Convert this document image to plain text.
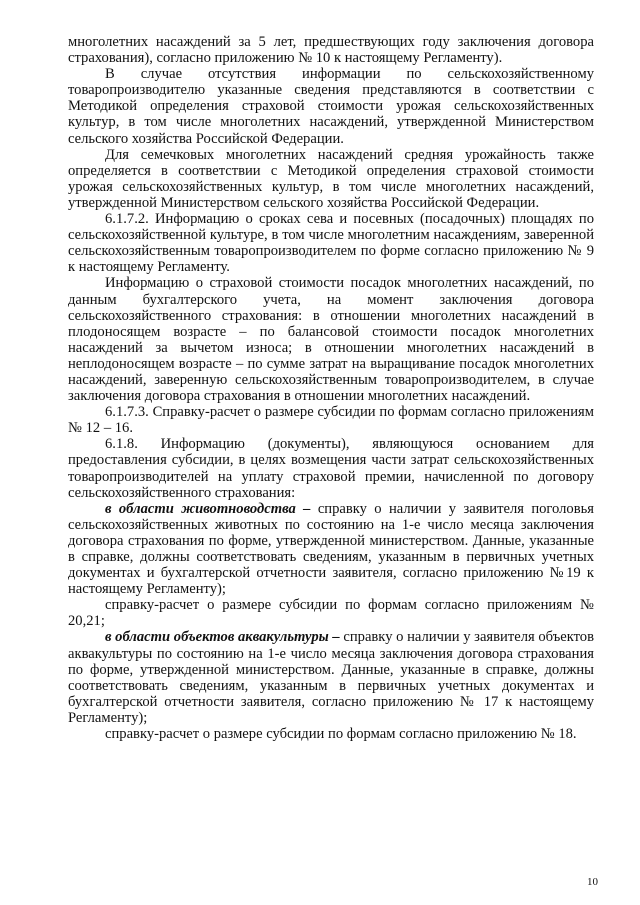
многолетних насаждений за 5 лет, предшествующих году заключения договора страхования), согласно приложению № 10 к настоящему Регламенту).

В случае отсутствия информации по сельскохозяйственному товаропроизводителю указанные сведения представляются в соответствии с Методикой определения страховой стоимости урожая сельскохозяйственных культур, в том числе многолетних насаждений, утвержденной Министерством сельского хозяйства Российской Федерации.

Для семечковых многолетних насаждений средняя урожайность также определяется в соответствии с Методикой определения страховой стоимости урожая сельскохозяйственных культур, в том числе многолетних насаждений, утвержденной Министерством сельского хозяйства Российской Федерации.

6.1.7.2. Информацию о сроках сева и посевных (посадочных) площадях по сельскохозяйственной культуре, в том числе многолетним насаждениям, заверенной сельскохозяйственным товаропроизводителем по форме согласно приложению № 9 к настоящему Регламенту.

Информацию о страховой стоимости посадок многолетних насаждений, по данным бухгалтерского учета, на момент заключения договора сельскохозяйственного страхования: в отношении многолетних насаждений в плодоносящем возрасте – по балансовой стоимости посадок многолетних насаждений за вычетом износа; в отношении многолетних насаждений в неплодоносящем возрасте – по сумме затрат на выращивание посадок многолетних насаждений, заверенную сельскохозяйственным товаропроизводителем, в случае заключения договора страхования в отношении многолетних насаждений.

6.1.7.3. Справку-расчет о размере субсидии по формам согласно приложениям № 12 – 16.

6.1.8. Информацию (документы), являющуюся основанием для предоставления субсидии, в целях возмещения части затрат сельскохозяйственных товаропроизводителей на уплату страховой премии, начисленной по договору сельскохозяйственного страхования:

в области животноводства – справку о наличии у заявителя поголовья сельскохозяйственных животных по состоянию на 1-е число месяца заключения договора страхования по форме, утвержденной министерством. Данные, указанные в справке, должны соответствовать сведениям, указанным в первичных учетных документах и бухгалтерской отчетности заявителя, согласно приложению №19 к настоящему Регламенту);

справку-расчет о размере субсидии по формам согласно приложениям № 20,21;

в области объектов аквакультуры – справку о наличии у заявителя объектов аквакультуры по состоянию на 1-е число месяца заключения договора страхования по форме, утвержденной министерством. Данные, указанные в справке, должны соответствовать сведениям, указанным в первичных учетных документах и бухгалтерской отчетности заявителя, согласно приложению № 17 к настоящему Регламенту);

справку-расчет о размере субсидии по формам согласно приложению № 18.

10
